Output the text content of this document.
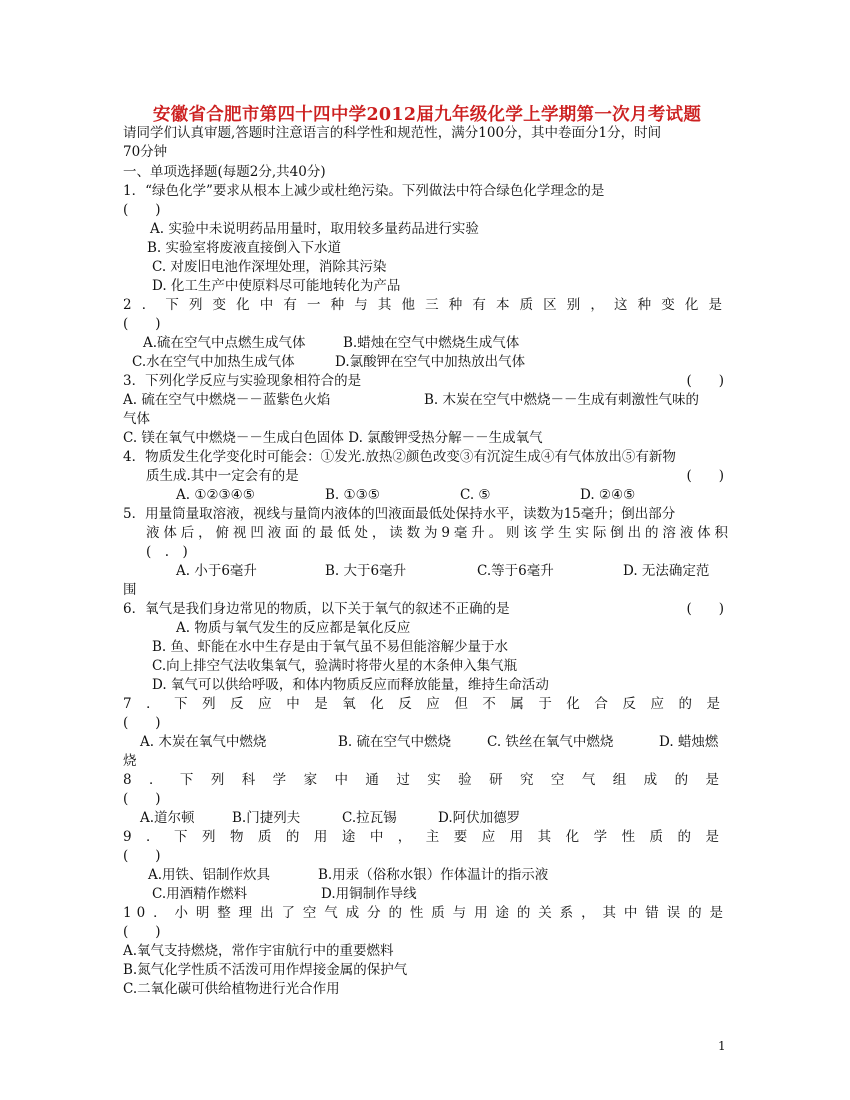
安徽省合肥市第四十四中学2012届九年级化学上学期第一次月考试题
请同学们认真审题,答题时注意语言的科学性和规范性，满分100分，其中卷面分1分，时间
70分钟
一、单项选择题(每题2分,共40分)
1．“绿色化学”要求从根本上减少或杜绝污染。下列做法中符合绿色化学理念的是
(　　)
A. 实验中未说明药品用量时，取用较多量药品进行实验
B. 实验室将废液直接倒入下水道
C. 对废旧电池作深埋处理，消除其污染
D. 化工生产中使原料尽可能地转化为产品
2．下列变化中有一种与其他三种有本质区别，这种变化是
(　　)
A.硫在空气中点燃生成气体	B.蜡烛在空气中燃烧生成气体
C.水在空气中加热生成气体	D.氯酸钾在空气中加热放出气体
3．下列化学反应与实验现象相符合的是	(　　)
A. 硫在空气中燃烧－－蓝紫色火焰	B. 木炭在空气中燃烧－－生成有刺激性气味的
气体
C. 镁在氧气中燃烧－－生成白色固体 D. 氯酸钾受热分解－－生成氧气
4．物质发生化学变化时可能会：①发光.放热②颜色改变③有沉淀生成④有气体放出⑤有新物
质生成.其中一定会有的是	(　　)
A. ①②③④⑤	B. ①③⑤	C. ⑤	D. ②④⑤
5．用量筒量取溶液，视线与量筒内液体的凹液面最低处保持水平，读数为15毫升；倒出部分
液体后，俯视凹液面的最低处，读数为9毫升。则该学生实际倒出的溶液体积
(　.　)
A. 小于6毫升	B. 大于6毫升	C.等于6毫升	D. 无法确定范
围
6．氧气是我们身边常见的物质，以下关于氧气的叙述不正确的是	(　　)
A. 物质与氧气发生的反应都是氧化反应
B. 鱼、虾能在水中生存是由于氧气虽不易但能溶解少量于水
C.向上排空气法收集氧气，验满时将带火星的木条伸入集气瓶
D. 氧气可以供给呼吸，和体内物质反应而释放能量，维持生命活动
7．下列反应中是氧化反应但不属于化合反应的是
(　　)
A. 木炭在氧气中燃烧	B. 硫在空气中燃烧	C. 铁丝在氧气中燃烧	D. 蜡烛燃
烧
8．下列科学家中通过实验研究空气组成的是
(　　)
A.道尔顿	B.门捷列夫	C.拉瓦锡	D.阿伏加德罗
9．下列物质的用途中，主要应用其化学性质的是
(　　)
A.用铁、铝制作炊具	B.用汞（俗称水银）作体温计的指示液
C.用酒精作燃料	D.用铜制作导线
10．小明整理出了空气成分的性质与用途的关系，其中错误的是
(　　)
A.氧气支持燃烧，常作宇宙航行中的重要燃料
B.氮气化学性质不活泼可用作焊接金属的保护气
C.二氧化碳可供给植物进行光合作用
1
